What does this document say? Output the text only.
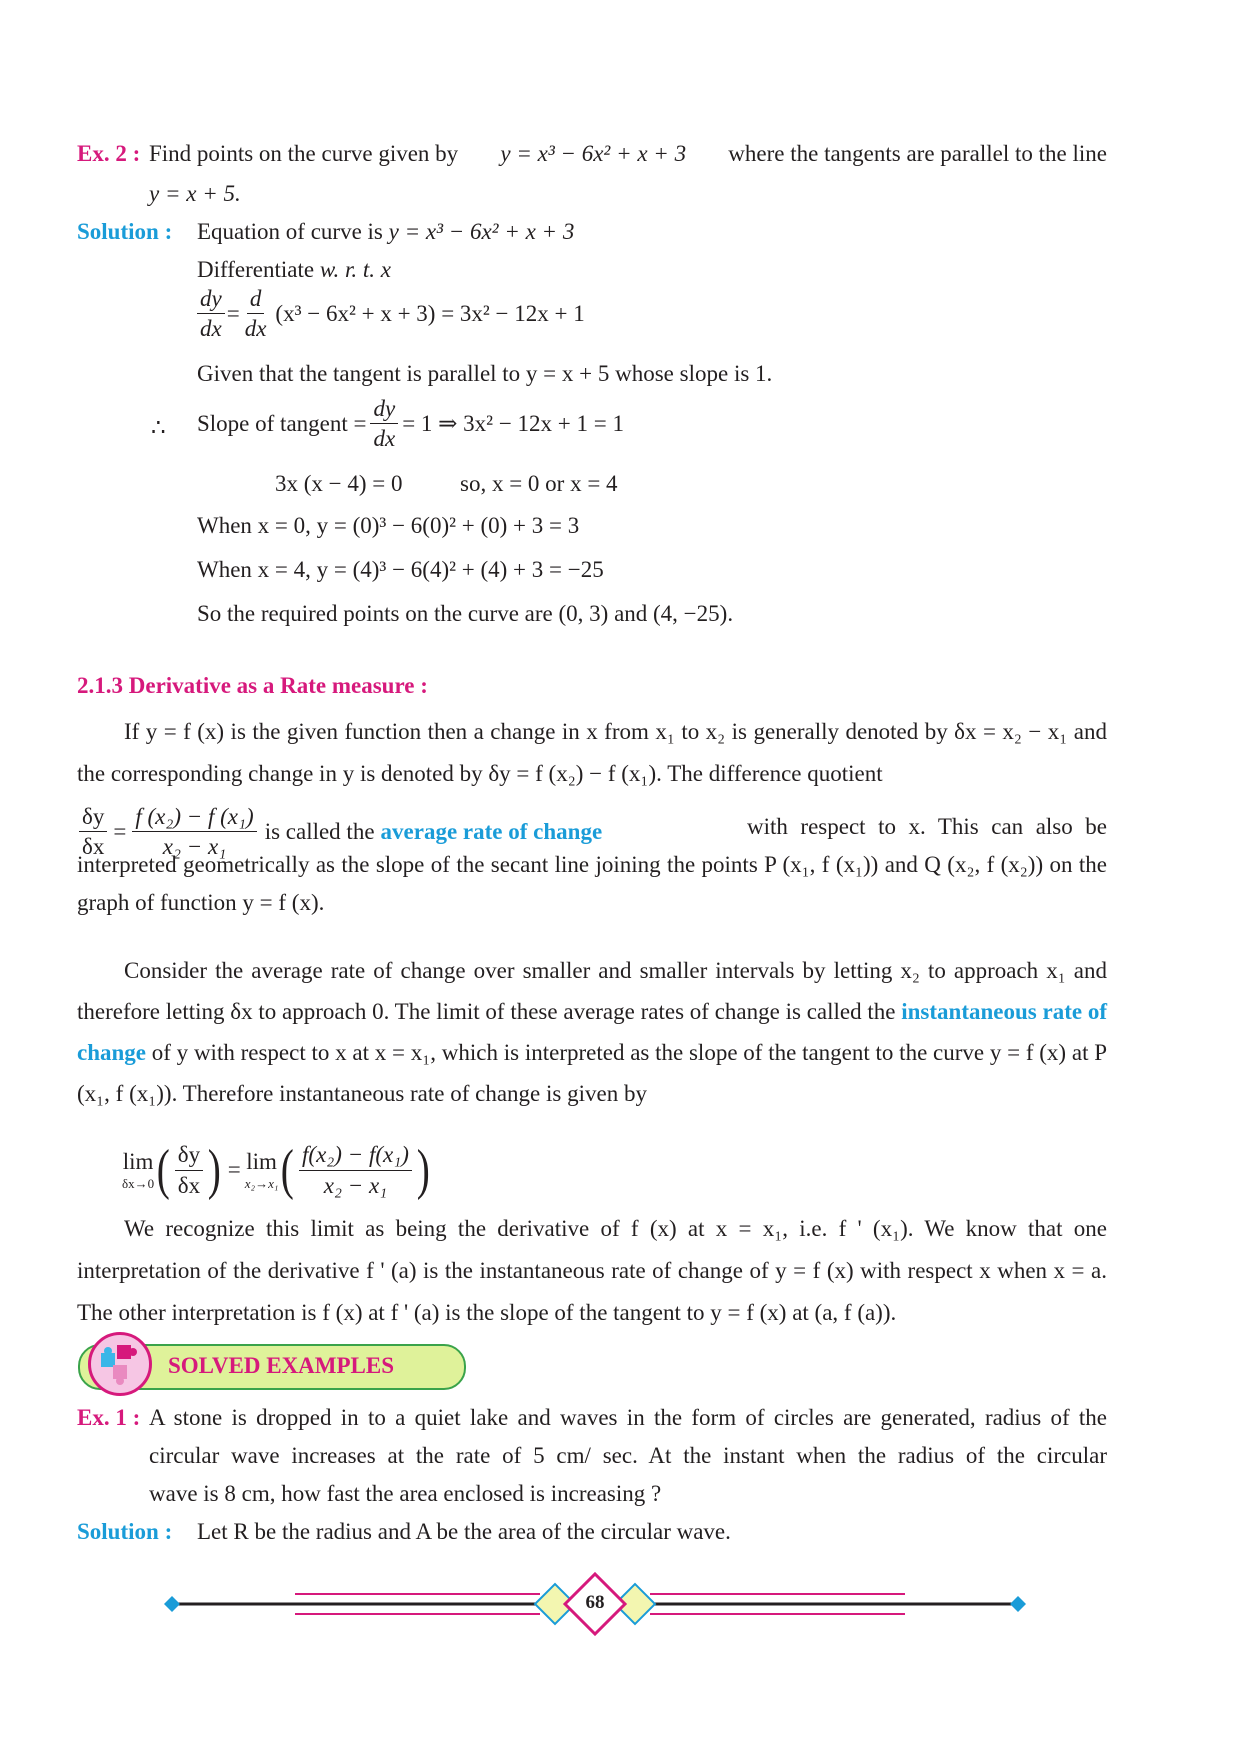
Ex. 2 : Find points on the curve given by y = x³ − 6x² + x + 3 where the tangents are parallel to the line
y = x + 5.
Solution : Equation of curve is y = x³ − 6x² + x + 3
Differentiate w. r. t. x
$\frac{dy}{dx} = \frac{d}{dx} (x^3 - 6x^2 + x + 3) = 3x^2 - 12x + 1$
Given that the tangent is parallel to y = x + 5 whose slope is 1.
∴ Slope of tangent = $\frac{dy}{dx} = 1$ ⇒ 3x² − 12x + 1 = 1
3x (x − 4) = 0 so, x = 0 or x = 4
When x = 0, y = (0)³ − 6(0)² + (0) + 3 = 3
When x = 4, y = (4)³ − 6(4)² + (4) + 3 = −25
So the required points on the curve are (0, 3) and (4, −25).
2.1.3 Derivative as a Rate measure :
If y = f (x) is the given function then a change in x from x₁ to x₂ is generally denoted by δx = x₂ − x₁ and the corresponding change in y is denoted by δy = f (x₂) − f (x₁). The difference quotient
$\frac{\delta y}{\delta x} = \frac{\text{f (x₂) − f (x₁)}}{\text{x₂ − x₁}}$ is called the average rate of change	with respect to x. This can also be interpreted geometrically as the slope of the secant line joining the points P (x₁, f (x₁)) and Q (x₂, f (x₂)) on the graph of function y = f (x).
Consider the average rate of change over smaller and smaller intervals by letting x₂ to approach x₁ and therefore letting δx to approach 0. The limit of these average rates of change is called the instantaneous rate of change of y with respect to x at x = x₁, which is interpreted as the slope of the tangent to the curve y = f (x) at P (x₁, f (x₁)). Therefore instantaneous rate of change is given by
lim
δx→0 ( $\frac{\delta y}{\delta x}$ ) = lim
x₂→x₁ ( $\frac{\text{f(x₂) − f(x₁)}}{\text{x₂ − x₁}}$ )
We recognize this limit as being the derivative of f (x) at x = x₁, i.e. f ' (x₁). We know that one interpretation of the derivative f ' (a) is the instantaneous rate of change of y = f (x) with respect x when x = a. The other interpretation is f (x) at f ' (a) is the slope of the tangent to y = f (x) at (a, f (a)).
SOLVED EXAMPLES
Ex. 1 : A stone is dropped in to a quiet lake and waves in the form of circles are generated, radius of the
circular wave increases at the rate of 5 cm/ sec. At the instant when the radius of the circular
wave is 8 cm, how fast the area enclosed is increasing ?
Solution : Let R be the radius and A be the area of the circular wave.
68
